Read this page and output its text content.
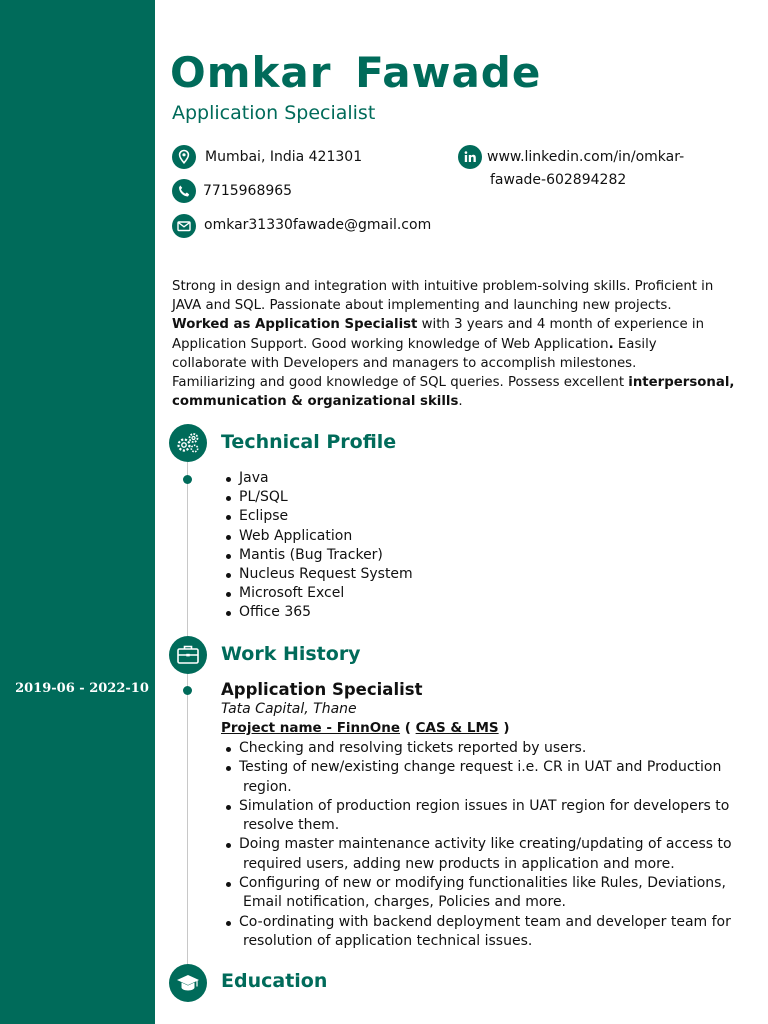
2019-06 - 2022-10
Omkar Fawade
Application Specialist
Mumbai, India 421301
7715968965
omkar31330fawade@gmail.com
www.linkedin.com/in/omkar-
fawade-602894282
Strong in design and integration with intuitive problem-solving skills. Proficient in
JAVA and SQL. Passionate about implementing and launching new projects.
Worked as Application Specialist with 3 years and 4 month of experience in
Application Support. Good working knowledge of Web Application. Easily
collaborate with Developers and managers to accomplish milestones.
Familiarizing and good knowledge of SQL queries. Possess excellent interpersonal,
communication & organizational skills.
Technical Profile
Java
PL/SQL
Eclipse
Web Application
Mantis (Bug Tracker)
Nucleus Request System
Microsoft Excel
Office 365
Work History
Application Specialist
Tata Capital, Thane
Project name - FinnOne ( CAS & LMS )
Checking and resolving tickets reported by users.
Testing of new/existing change request i.e. CR in UAT and Production
region.
Simulation of production region issues in UAT region for developers to
resolve them.
Doing master maintenance activity like creating/updating of access to
required users, adding new products in application and more.
Configuring of new or modifying functionalities like Rules, Deviations,
Email notification, charges, Policies and more.
Co-ordinating with backend deployment team and developer team for
resolution of application technical issues.
Education
